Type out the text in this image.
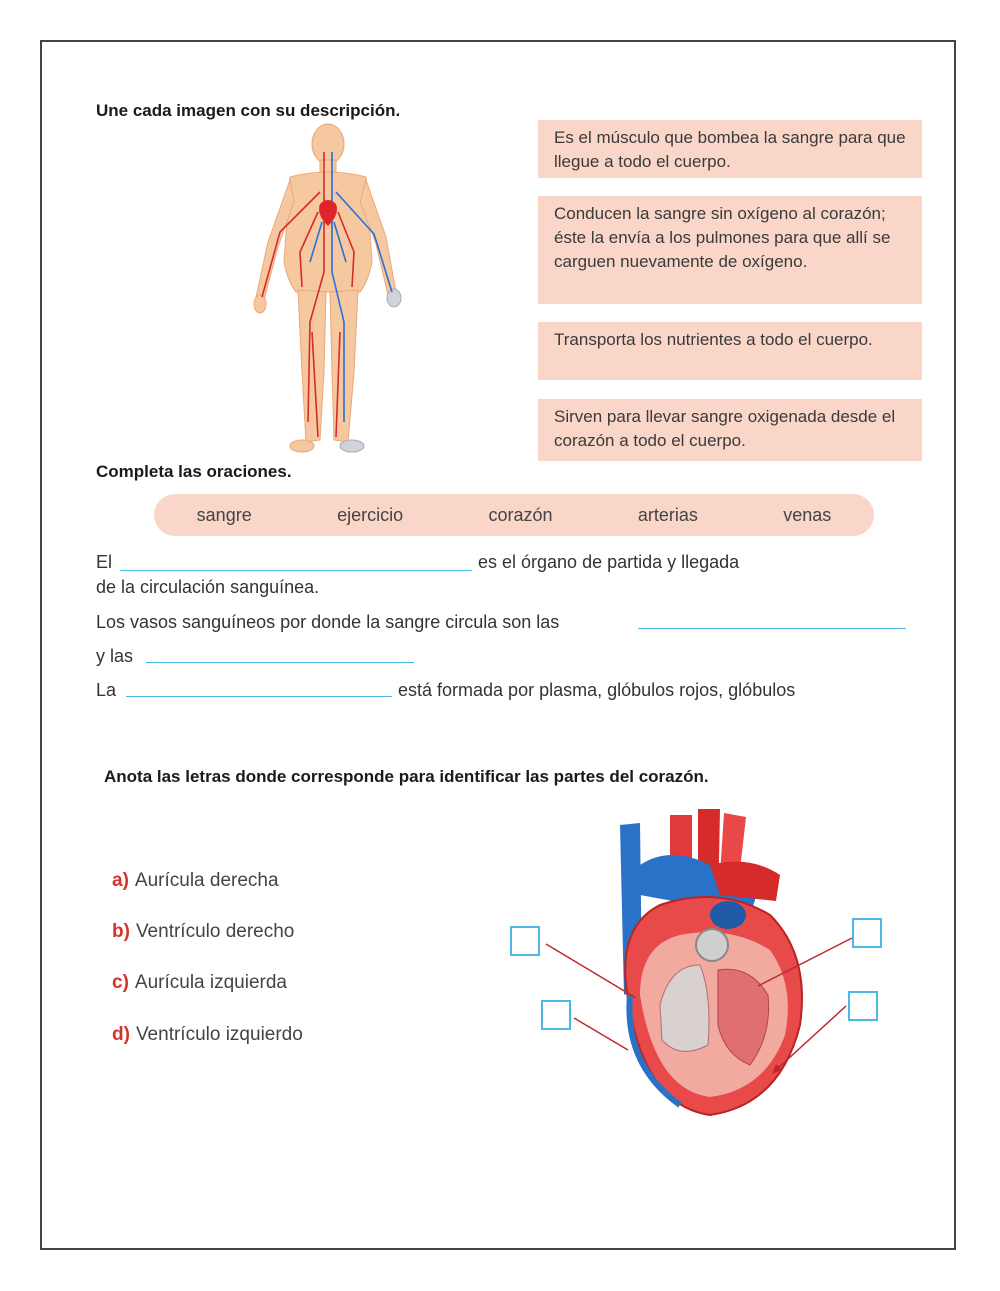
Une cada imagen con su descripción.
Es el músculo que bombea la sangre para que llegue a todo el cuerpo.
Conducen la sangre sin oxígeno al corazón; éste la envía a los pulmones para que allí se carguen nuevamente de oxígeno.
Transporta los nutrientes a todo el cuerpo.
Sirven para llevar sangre oxigenada desde el corazón a todo el cuerpo.
Completa las oraciones.
sangre	ejercicio	corazón	arterias	venas
El	es el órgano de partida y llegada
de la circulación sanguínea.
Los vasos sanguíneos por donde la sangre circula son las
y las
La	está formada por plasma, glóbulos rojos, glóbulos
Anota las letras donde corresponde para identificar las partes del corazón.
a) Aurícula derecha
b) Ventrículo derecho
c) Aurícula izquierda
d) Ventrículo izquierdo
